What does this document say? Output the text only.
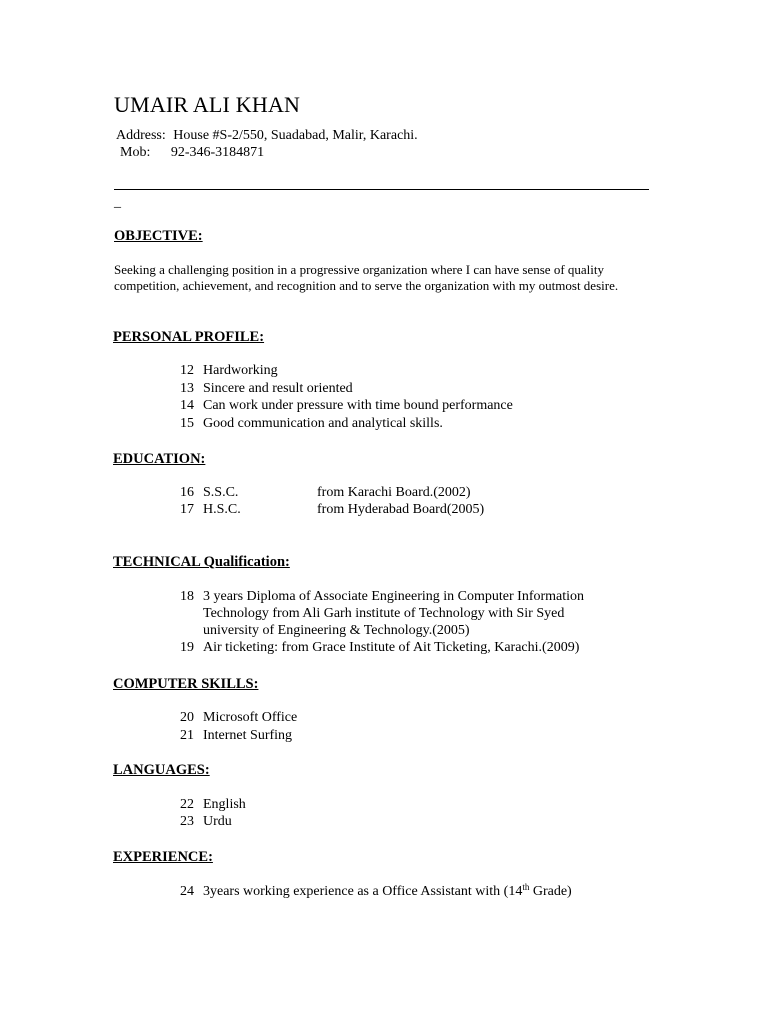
UMAIR ALI KHAN
Address: House #S-2/550, Suadabad, Malir, Karachi.
Mob: 92-346-3184871
_
OBJECTIVE:
Seeking a challenging position in a progressive organization where I can have sense of quality competition, achievement, and recognition and to serve the organization with my outmost desire.
PERSONAL PROFILE:
12 Hardworking
13 Sincere and result oriented
14 Can work under pressure with time bound performance
15 Good communication and analytical skills.
EDUCATION:
16 S.S.C.	from Karachi Board.(2002)
17 H.S.C.	from Hyderabad Board(2005)
TECHNICAL Qualification:
18 3 years Diploma of Associate Engineering in Computer Information
Technology from Ali Garh institute of Technology with Sir Syed
university of Engineering & Technology.(2005)
19 Air ticketing: from Grace Institute of Ait Ticketing, Karachi.(2009)
COMPUTER SKILLS:
20 Microsoft Office
21 Internet Surfing
LANGUAGES:
22 English
23 Urdu
EXPERIENCE:
24 3years working experience as a Office Assistant with (14th Grade)
